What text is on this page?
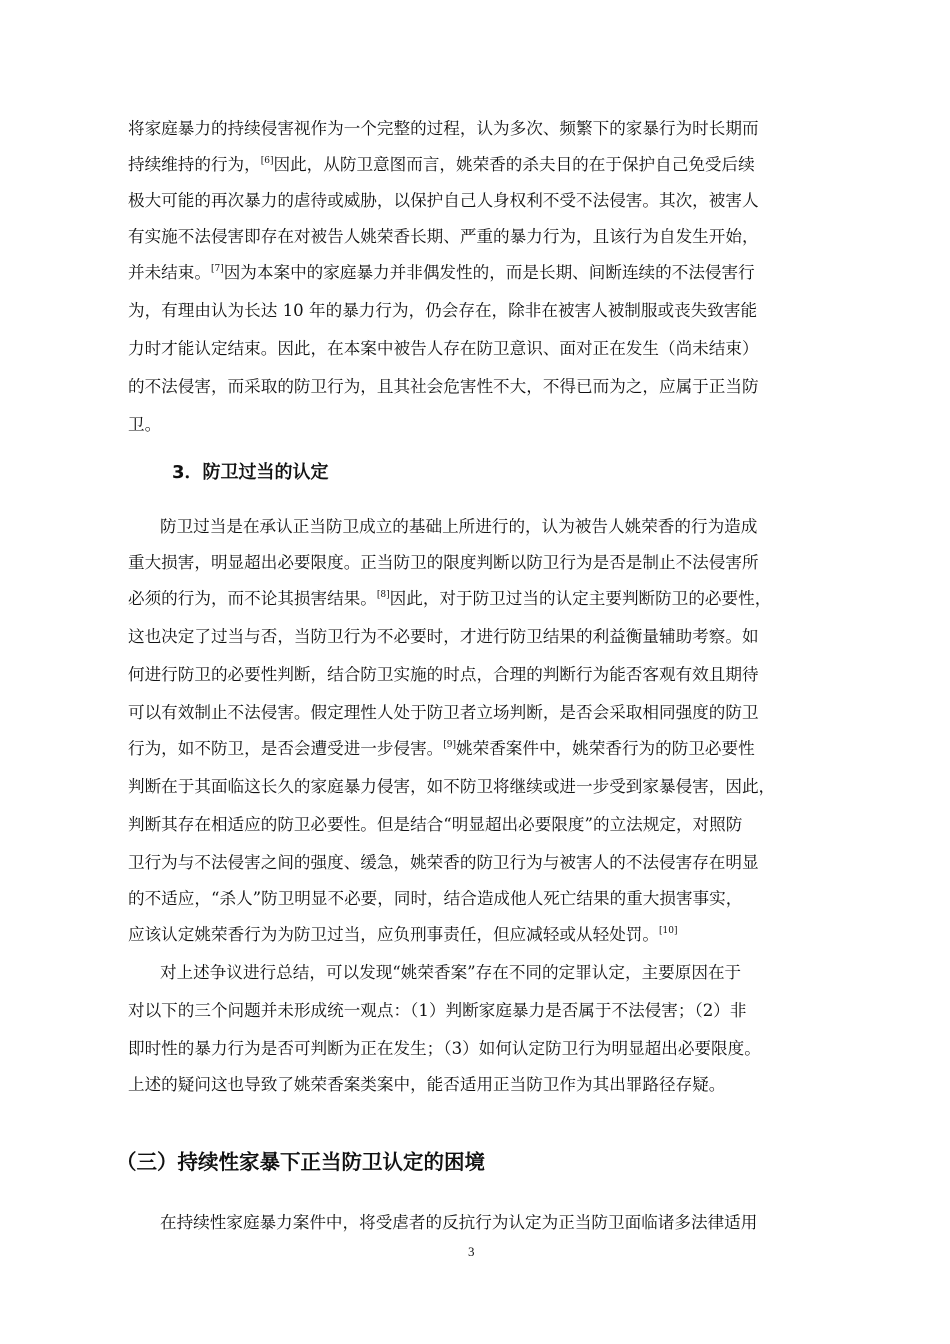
将家庭暴力的持续侵害视作为一个完整的过程，认为多次、频繁下的家暴行为时长期而
持续维持的行为，[6]因此，从防卫意图而言，姚荣香的杀夫目的在于保护自己免受后续
极大可能的再次暴力的虐待或威胁，以保护自己人身权利不受不法侵害。其次，被害人
有实施不法侵害即存在对被告人姚荣香长期、严重的暴力行为，且该行为自发生开始，
并未结束。[7]因为本案中的家庭暴力并非偶发性的，而是长期、间断连续的不法侵害行
为，有理由认为长达 10 年的暴力行为，仍会存在，除非在被害人被制服或丧失致害能
力时才能认定结束。因此，在本案中被告人存在防卫意识、面对正在发生（尚未结束）
的不法侵害，而采取的防卫行为，且其社会危害性不大，不得已而为之，应属于正当防
卫。
3．防卫过当的认定
防卫过当是在承认正当防卫成立的基础上所进行的，认为被告人姚荣香的行为造成
重大损害，明显超出必要限度。正当防卫的限度判断以防卫行为是否是制止不法侵害所
必须的行为，而不论其损害结果。[8]因此，对于防卫过当的认定主要判断防卫的必要性，
这也决定了过当与否，当防卫行为不必要时，才进行防卫结果的利益衡量辅助考察。如
何进行防卫的必要性判断，结合防卫实施的时点，合理的判断行为能否客观有效且期待
可以有效制止不法侵害。假定理性人处于防卫者立场判断，是否会采取相同强度的防卫
行为，如不防卫，是否会遭受进一步侵害。[9]姚荣香案件中，姚荣香行为的防卫必要性
判断在于其面临这长久的家庭暴力侵害，如不防卫将继续或进一步受到家暴侵害，因此，
判断其存在相适应的防卫必要性。但是结合“明显超出必要限度”的立法规定，对照防
卫行为与不法侵害之间的强度、缓急，姚荣香的防卫行为与被害人的不法侵害存在明显
的不适应，“杀人”防卫明显不必要，同时，结合造成他人死亡结果的重大损害事实，
应该认定姚荣香行为为防卫过当，应负刑事责任，但应减轻或从轻处罚。[10]
对上述争议进行总结，可以发现“姚荣香案”存在不同的定罪认定，主要原因在于
对以下的三个问题并未形成统一观点：（1）判断家庭暴力是否属于不法侵害；（2）非
即时性的暴力行为是否可判断为正在发生；（3）如何认定防卫行为明显超出必要限度。
上述的疑问这也导致了姚荣香案类案中，能否适用正当防卫作为其出罪路径存疑。
（三）持续性家暴下正当防卫认定的困境
在持续性家庭暴力案件中，将受虐者的反抗行为认定为正当防卫面临诸多法律适用
3
